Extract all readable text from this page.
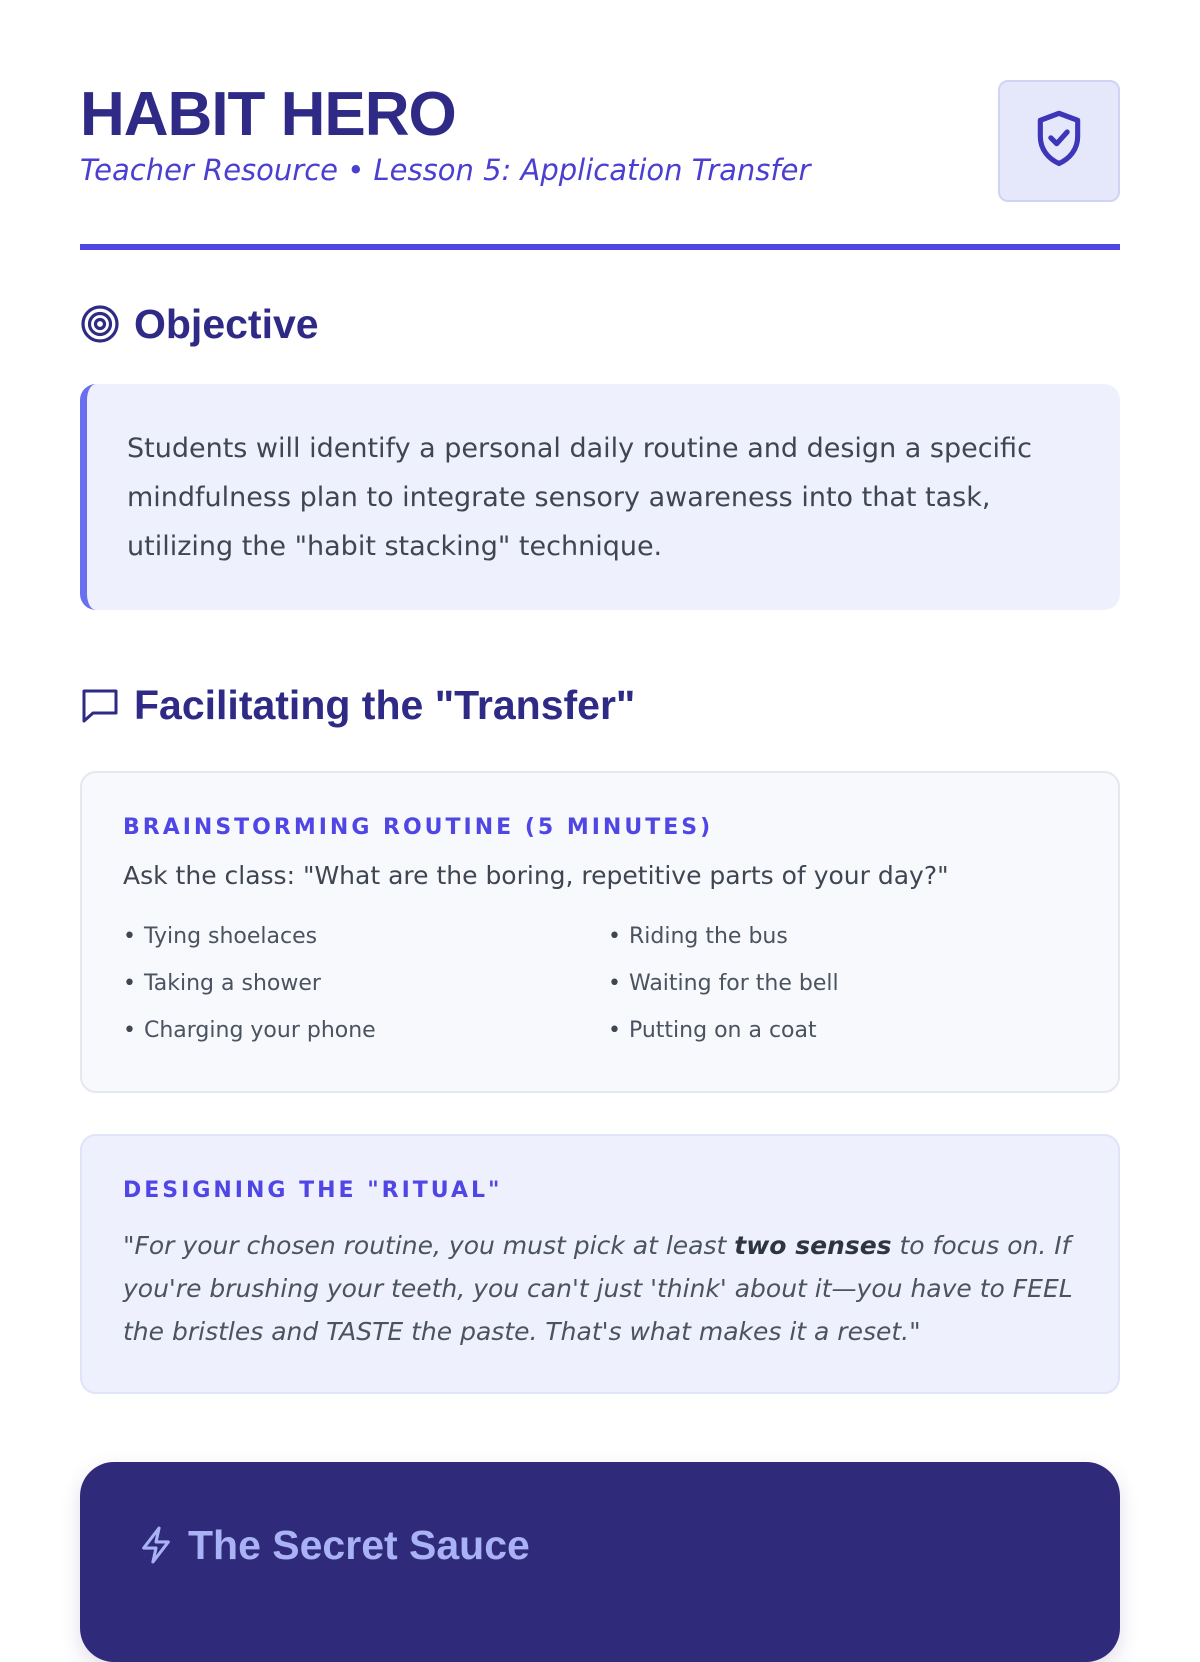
HABIT HERO
Teacher Resource • Lesson 5: Application Transfer
Objective

Students will identify a personal daily routine and design a specific mindfulness plan to integrate sensory awareness into that task, utilizing the "habit stacking" technique.

Facilitating the "Transfer"
BRAINSTORMING ROUTINE (5 MINUTES)
Ask the class: "What are the boring, repetitive parts of your day?"
• Tying shoelaces	• Riding the bus
• Taking a shower	• Waiting for the bell
• Charging your phone	• Putting on a coat
DESIGNING THE "RITUAL"
"For your chosen routine, you must pick at least two senses to focus on. If you're brushing your teeth, you can't just 'think' about it—you have to FEEL the bristles and TASTE the paste. That's what makes it a reset."
The Secret Sauce
